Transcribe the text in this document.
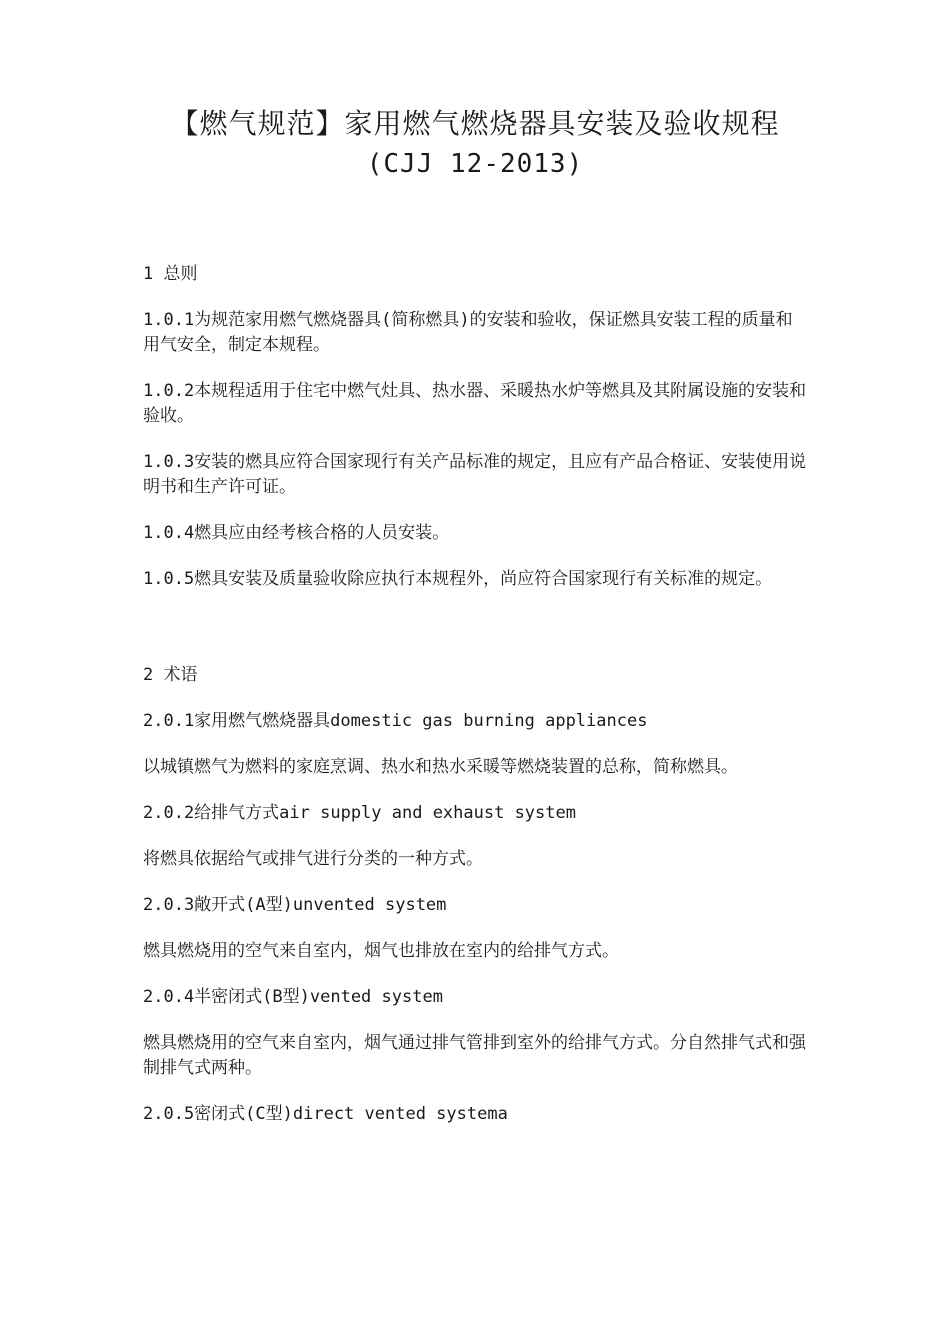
【燃气规范】家用燃气燃烧器具安装及验收规程
(CJJ 12-2013)

1 总则

1.0.1为规范家用燃气燃烧器具(简称燃具)的安装和验收，保证燃具安装工程的质量和用气安全，制定本规程。

1.0.2本规程适用于住宅中燃气灶具、热水器、采暖热水炉等燃具及其附属设施的安装和验收。

1.0.3安装的燃具应符合国家现行有关产品标准的规定，且应有产品合格证、安装使用说明书和生产许可证。

1.0.4燃具应由经考核合格的人员安装。

1.0.5燃具安装及质量验收除应执行本规程外，尚应符合国家现行有关标准的规定。

2 术语

2.0.1家用燃气燃烧器具domestic gas burning appliances

以城镇燃气为燃料的家庭烹调、热水和热水采暖等燃烧装置的总称，简称燃具。

2.0.2给排气方式air supply and exhaust system

将燃具依据给气或排气进行分类的一种方式。

2.0.3敞开式(A型)unvented system

燃具燃烧用的空气来自室内，烟气也排放在室内的给排气方式。

2.0.4半密闭式(B型)vented system

燃具燃烧用的空气来自室内，烟气通过排气管排到室外的给排气方式。分自然排气式和强制排气式两种。

2.0.5密闭式(C型)direct vented systema
